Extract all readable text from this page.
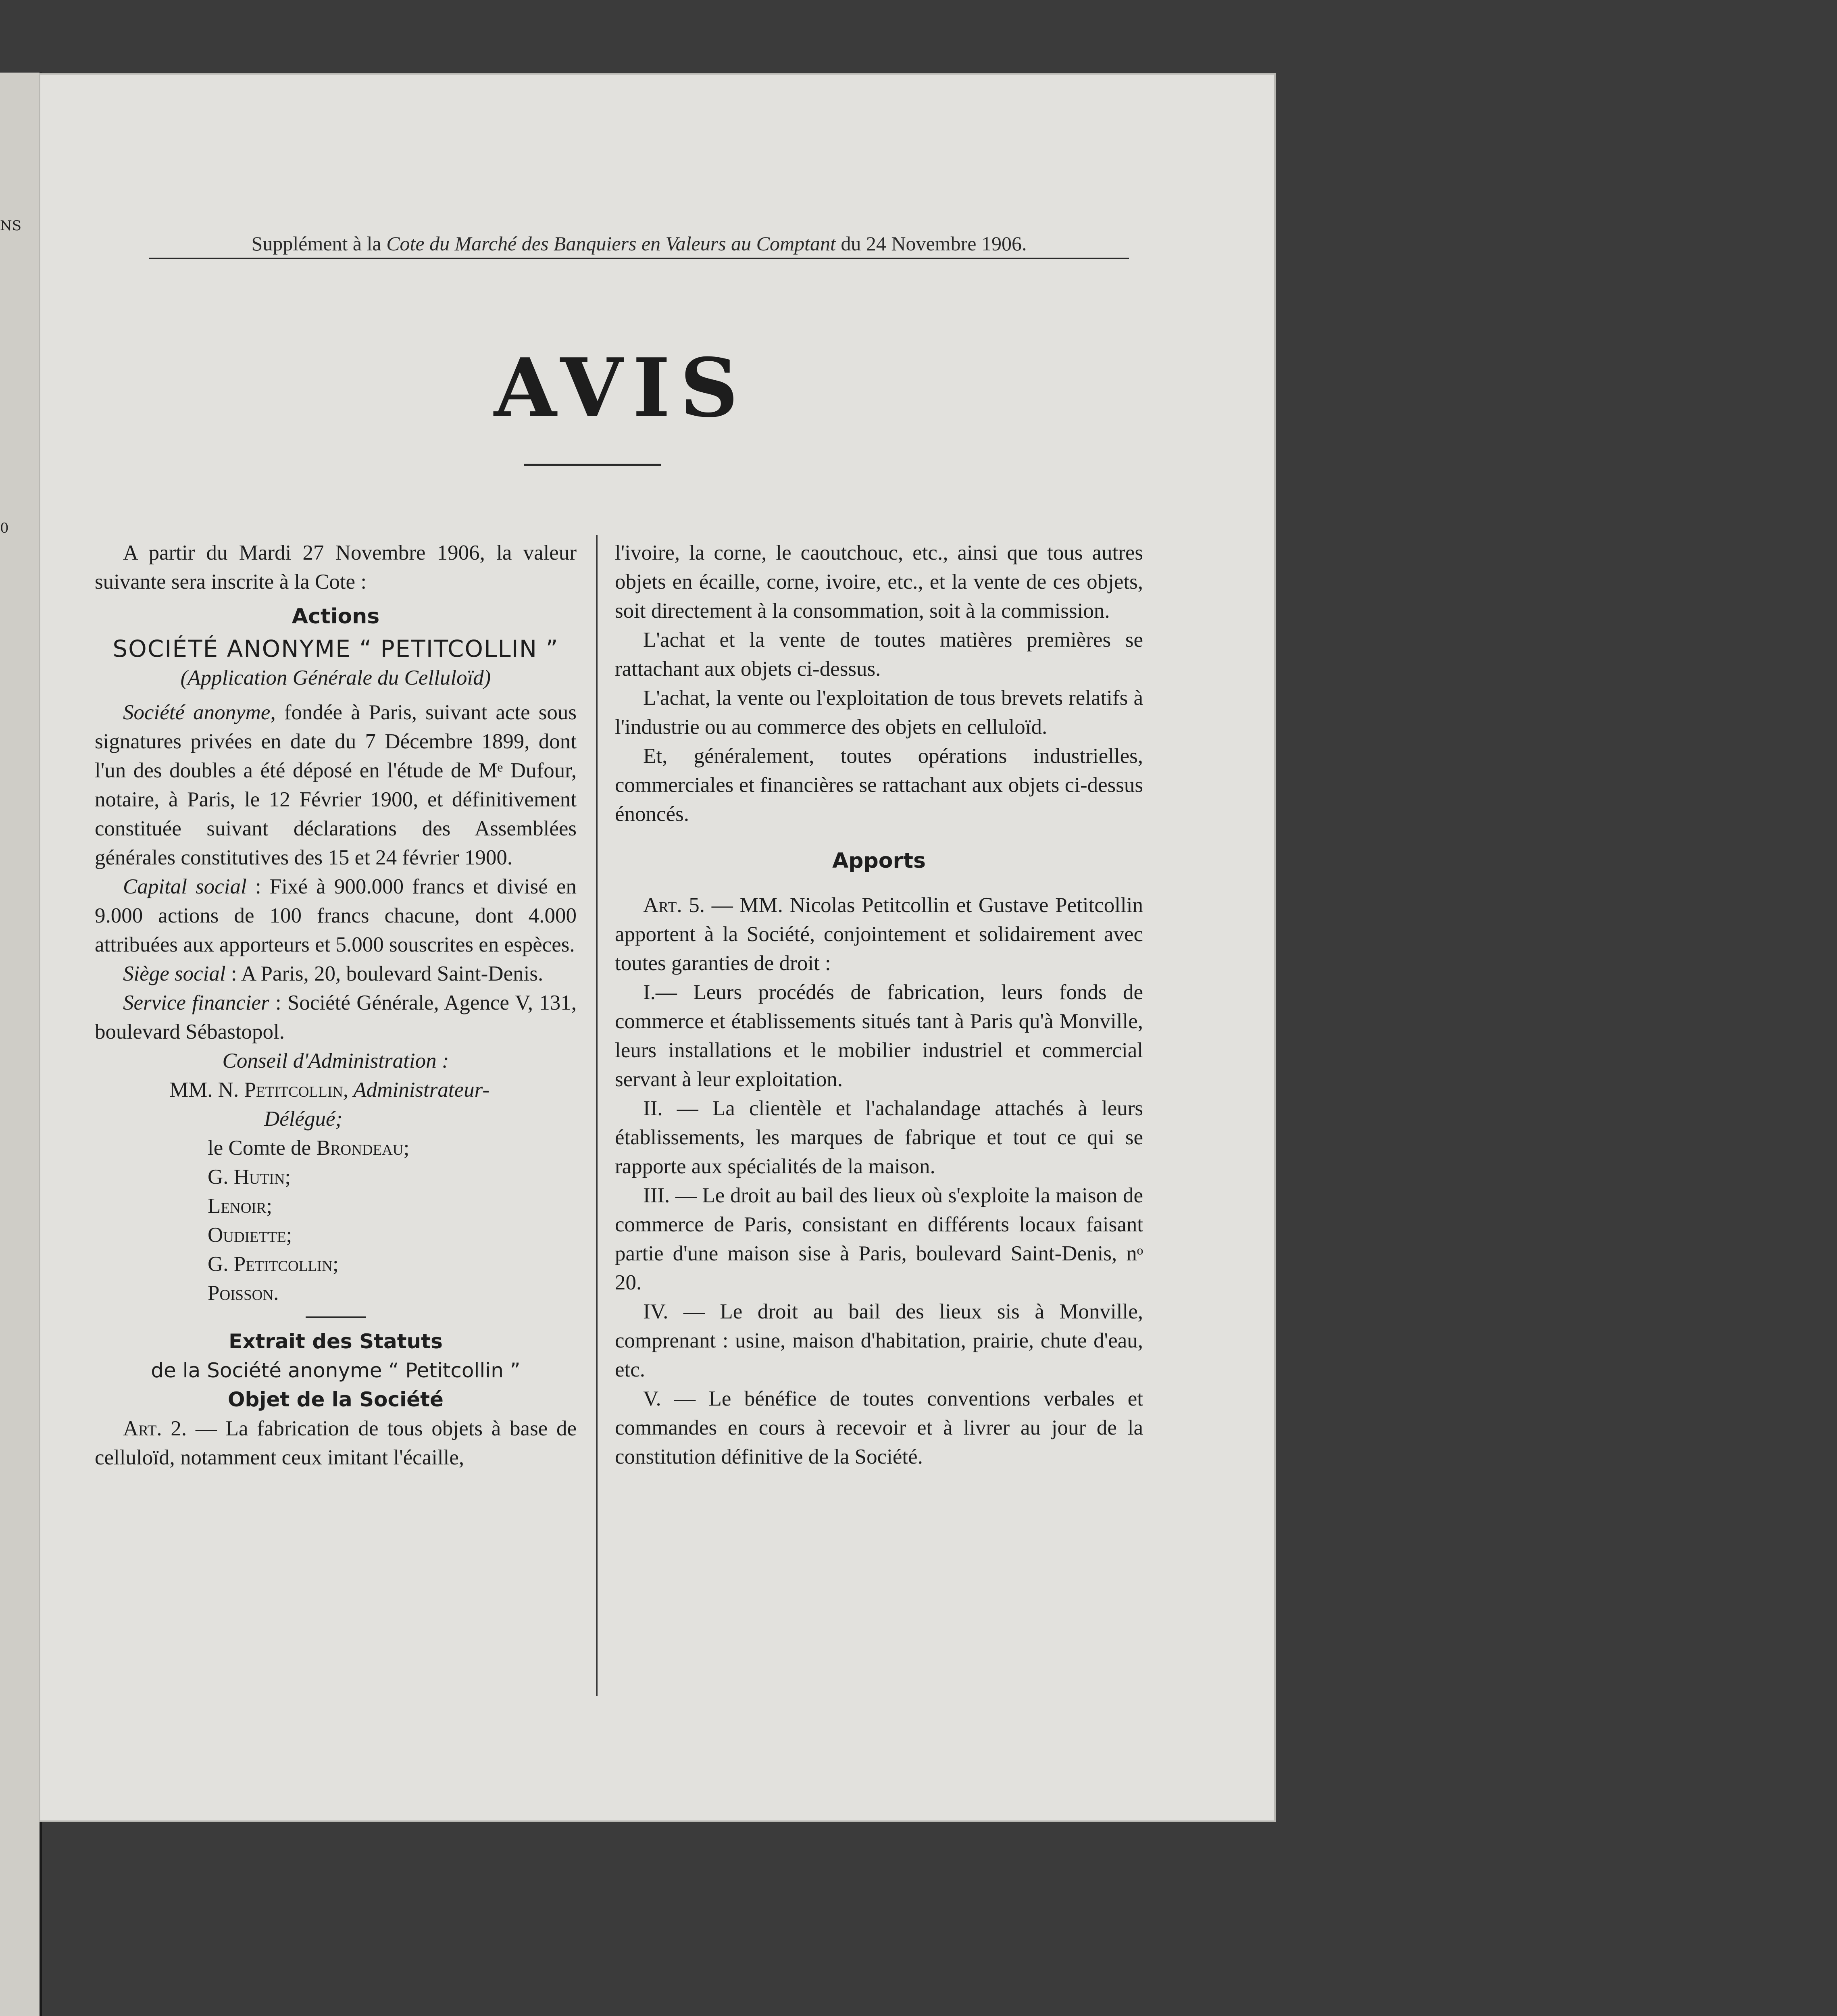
NS
0
Supplément à la Cote du Marché des Banquiers en Valeurs au Comptant du 24 Novembre 1906.
AVIS

A partir du Mardi 27 Novembre 1906, la valeur suivante sera inscrite à la Cote :

Actions
SOCIÉTÉ ANONYME “ PETITCOLLIN ”

(Application Générale du Celluloïd)

Société anonyme, fondée à Paris, suivant acte sous signatures privées en date du 7 Décembre 1899, dont l'un des doubles a été déposé en l'étude de Mᵉ Dufour, notaire, à Paris, le 12 Février 1900, et définitivement constituée suivant déclarations des Assemblées générales constitutives des 15 et 24 février 1900.

Capital social : Fixé à 900.000 francs et divisé en 9.000 actions de 100 francs chacune, dont 4.000 attribuées aux apporteurs et 5.000 souscrites en espèces.

Siège social : A Paris, 20, boulevard Saint-Denis.

Service financier : Société Générale, Agence V, 131, boulevard Sébastopol.

Conseil d'Administration :

MM. N. Petitcollin, Administrateur-

Délégué;

le Comte de Brondeau;

G. Hutin;

Lenoir;

Oudiette;

G. Petitcollin;

Poisson.

Extrait des Statuts
de la Société anonyme “ Petitcollin ”
Objet de la Société

Art. 2. — La fabrication de tous objets à base de celluloïd, notamment ceux imitant l'écaille,

l'ivoire, la corne, le caoutchouc, etc., ainsi que tous autres objets en écaille, corne, ivoire, etc., et la vente de ces objets, soit directement à la consommation, soit à la commission.

L'achat et la vente de toutes matières premières se rattachant aux objets ci-dessus.

L'achat, la vente ou l'exploitation de tous brevets relatifs à l'industrie ou au commerce des objets en celluloïd.

Et, généralement, toutes opérations industrielles, commerciales et financières se rattachant aux objets ci-dessus énoncés.

Apports

Art. 5. — MM. Nicolas Petitcollin et Gustave Petitcollin apportent à la Société, conjointement et solidairement avec toutes garanties de droit :

I.— Leurs procédés de fabrication, leurs fonds de commerce et établissements situés tant à Paris qu'à Monville, leurs installations et le mobilier industriel et commercial servant à leur exploitation.

II. — La clientèle et l'achalandage attachés à leurs établissements, les marques de fabrique et tout ce qui se rapporte aux spécialités de la maison.

III. — Le droit au bail des lieux où s'exploite la maison de commerce de Paris, consistant en différents locaux faisant partie d'une maison sise à Paris, boulevard Saint-Denis, nᵒ 20.

IV. — Le droit au bail des lieux sis à Monville, comprenant : usine, maison d'habitation, prairie, chute d'eau, etc.

V. — Le bénéfice de toutes conventions verbales et commandes en cours à recevoir et à livrer au jour de la constitution définitive de la Société.
